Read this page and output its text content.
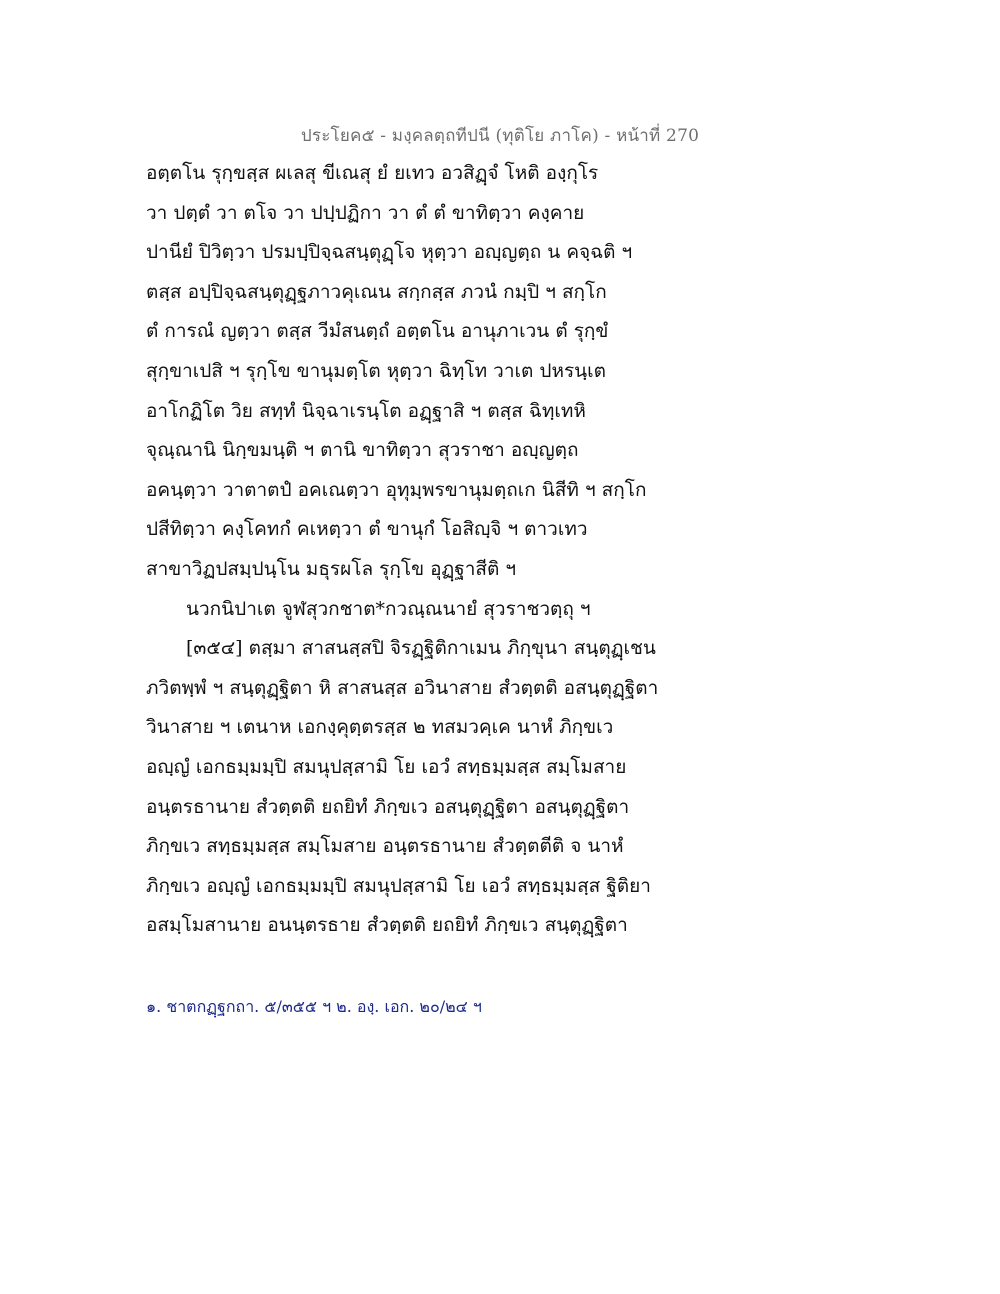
ประโยค๕ - มงฺคลตฺถทีปนี (ทุติโย ภาโค) - หน้าที่ 270
อตฺตโน รุกฺขสฺส ผเลสุ ขีเณสุ ยํ ยเทว อวสิฏฺจํ โหติ องฺกุโร
วา ปตฺตํ วา ตโจ วา ปปฺปฏิกา วา ตํ ตํ ขาทิตฺวา คงฺคาย
ปานียํ ปิวิตฺวา ปรมปฺปิจฺฉสนฺตุฏฺโจ หุตฺวา อญฺญตฺถ น คจฺฉติ ฯ
ตสฺส อปฺปิจฺฉสนฺตุฏฺฐภาวคุเณน สกฺกสฺส ภวนํ กมฺปิ ฯ สกฺโก
ตํ การณํ ญตฺวา ตสฺส วีมํสนตฺถํ อตฺตโน อานุภาเวน ตํ รุกฺขํ
สุกฺขาเปสิ ฯ รุกฺโข ขานุมตฺโต หุตฺวา ฉิทฺโท วาเต ปหรนฺเต
อาโกฏิโต วิย สทฺทํ นิจฺฉาเรนฺโต อฏฺฐาสิ ฯ ตสฺส ฉิทฺเทหิ
จุณฺณานิ นิกฺขมนฺติ ฯ ตานิ ขาทิตฺวา สุวราชา อญฺญตฺถ
อคนฺตฺวา วาตาตปํ อคเณตฺวา อุทุมฺพรขานุมตฺถเก นิสีทิ ฯ สกฺโก
ปสีทิตฺวา คงฺโคทกํ คเหตฺวา ตํ ขานุกํ โอสิญฺจิ ฯ ตาวเทว
สาขาวิฏปสมฺปนฺโน มธุรผโล รุกฺโข อุฏฺฐาสีติ ฯ
นวกนิปาเต จูฬสุวกชาต*กวณฺณนายํ สุวราชวตฺถุ ฯ
[๓๕๔] ตสฺมา สาสนสฺสปิ จิรฏฺฐิติกาเมน ภิกฺขุนา สนฺตุฏฺเชน
ภวิตพฺพํ ฯ สนฺตุฏฺฐิตา หิ สาสนสฺส อวินาสาย สํวตฺตติ อสนฺตุฏฺฐิตา
วินาสาย ฯ เตนาห เอกงฺคุตฺตรสฺส ๒ ทสมวคฺเค นาหํ ภิกฺขเว
อญฺญํ เอกธมฺมมฺปิ สมนุปสฺสามิ โย เอวํ สทฺธมฺมสฺส สมฺโมสาย
อนฺตรธานาย สํวตฺตติ ยถยิทํ ภิกฺขเว อสนฺตุฏฺฐิตา อสนฺตุฏฺฐิตา
ภิกฺขเว สทฺธมฺมสฺส สมฺโมสาย อนฺตรธานาย สํวตฺตตีติ จ นาหํ
ภิกฺขเว อญฺญํ เอกธมฺมมฺปิ สมนุปสฺสามิ โย เอวํ สทฺธมฺมสฺส ฐิติยา
อสมฺโมสานาย อนนฺตรธาย สํวตฺตติ ยถยิทํ ภิกฺขเว สนฺตุฏฺฐิตา
๑. ชาตกฏฺฐกถา. ๕/๓๕๕ ฯ ๒. องฺ. เอก. ๒๐/๒๔ ฯ
